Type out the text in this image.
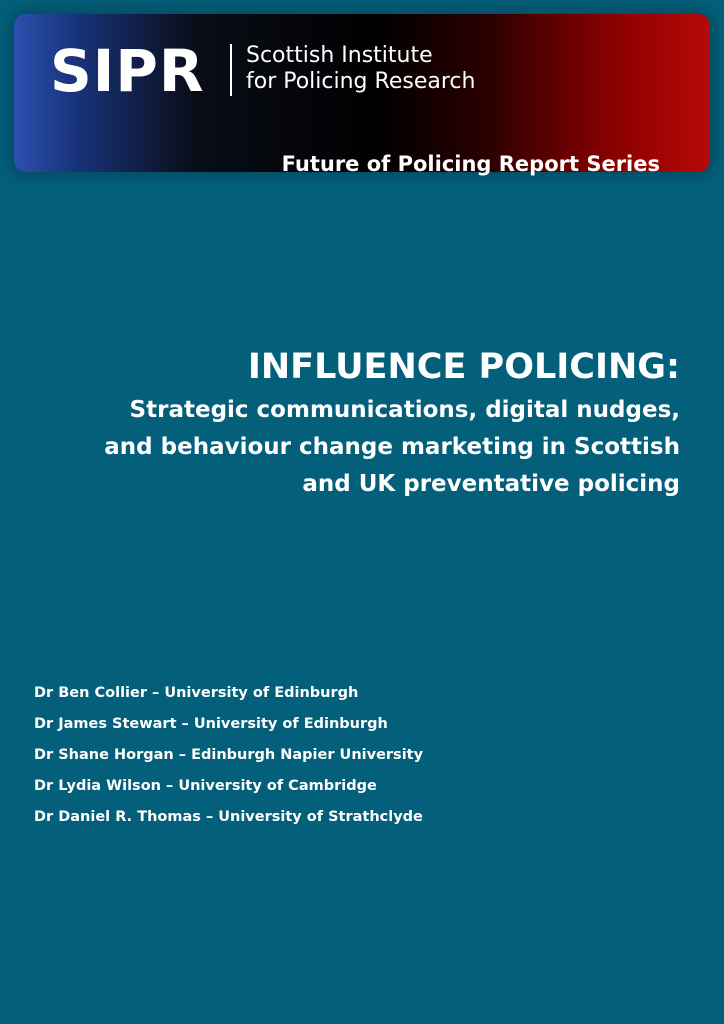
SIPR Scottish Institute
for Policing Research
Future of Policing Report Series
INFLUENCE POLICING:

Strategic communications, digital nudges,
and behaviour change marketing in Scottish
and UK preventative policing

Dr Ben Collier – University of Edinburgh
Dr James Stewart – University of Edinburgh
Dr Shane Horgan – Edinburgh Napier University
Dr Lydia Wilson – University of Cambridge
Dr Daniel R. Thomas – University of Strathclyde
